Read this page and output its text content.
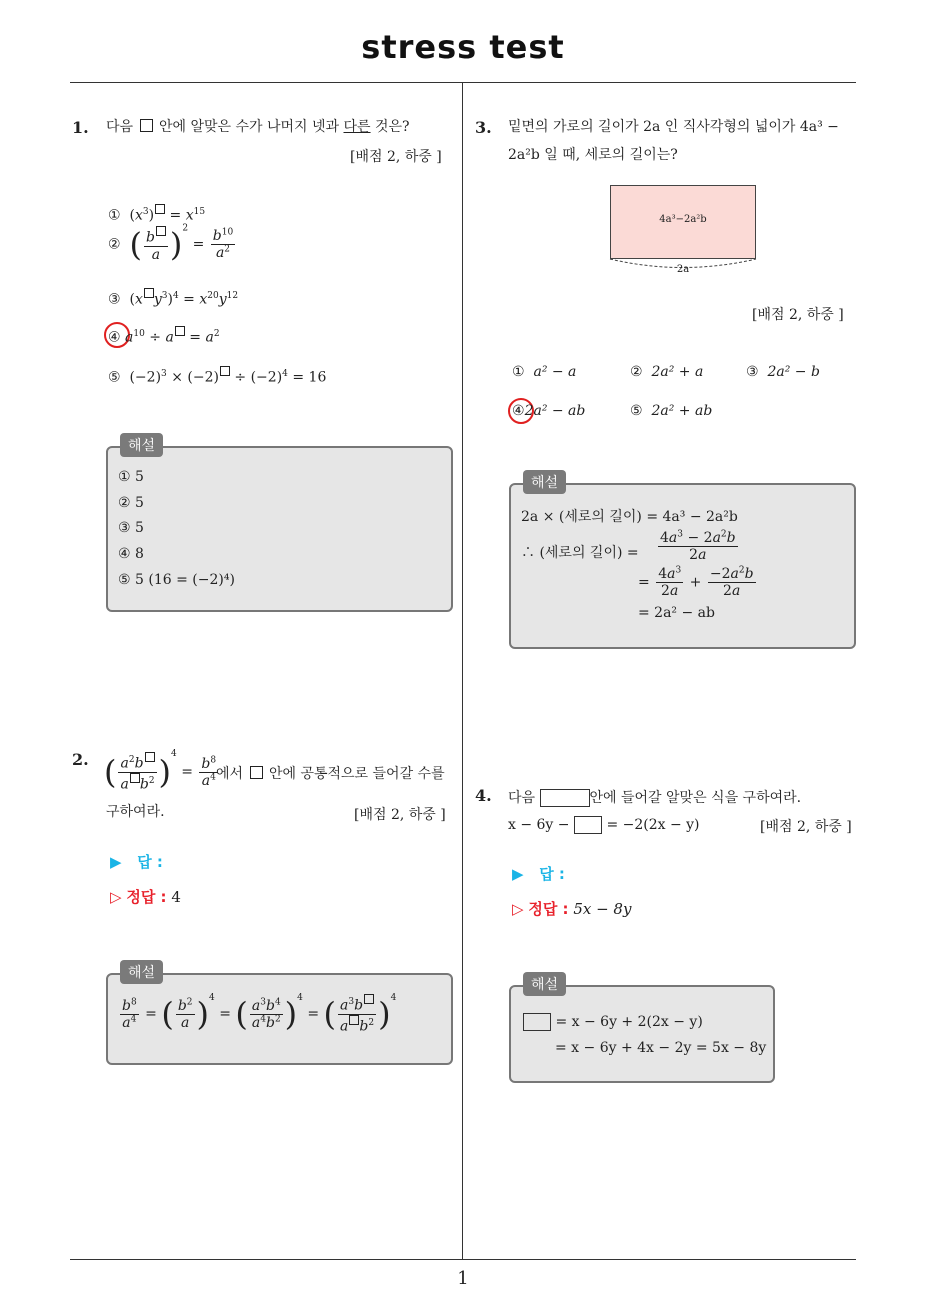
stress test
1
1. 다음  안에 알맞은 수가 나머지 넷과 다른 것은?
[배점 2, 하중 ]
①  $(x^3) = x^{15}$
② ( $\frac{b}{a} )^2 = \frac{b^{10}}{a^2}$
③  (x $y^3)^4 = x^{20}y^{12}$
④ $a^{10} \div a = a^2$
⑤  $(-2)^3 \times (-2) \div (-2)^4 = 16$
해설
① 5
② 5
③ 5
④ 8
⑤ 5 (16 = (−2)⁴)
2. ( $\frac{a^2b}{a b^2} )^4 = \frac{b^8}{a^4}$
에서  안에 공통적으로 들어갈 수를
구하여라.	[배점 2, 하중 ]
▶ 답 :
▷ 정답 : 4
해설
$\frac{b^8}{a^4}$ = ( $\frac{b^2}{a} )^4$ = ( $\frac{a^3b^4}{a^4b^2} )^4$ = ( $\frac{a^3b}{a b^2} )^4$
3. 밑면의 가로의 길이가 2a 인 직사각형의 넓이가 4a³ −
2a²b 일 때, 세로의 길이는?
4a³−2a²b
2a
[배점 2, 하중 ]
① a² − a	② 2a² + a	③ 2a² − b
④2a² − ab	⑤ 2a² + ab
해설
2a × (세로의 길이) = 4a³ − 2a²b
∴ (세로의 길이) = $\frac{4a^3 - 2a^2b}{2a}$
= $\frac{4a^3}{2a} + \frac{-2a^2b}{2a}$
= 2a² − ab
4. 다음	안에 들어갈 알맞은 식을 구하여라.
x − 6y −	= −2(2x − y)	[배점 2, 하중 ]
▶ 답 :
▷ 정답 : 5x − 8y
해설
= x − 6y + 2(2x − y)
= x − 6y + 4x − 2y = 5x − 8y
